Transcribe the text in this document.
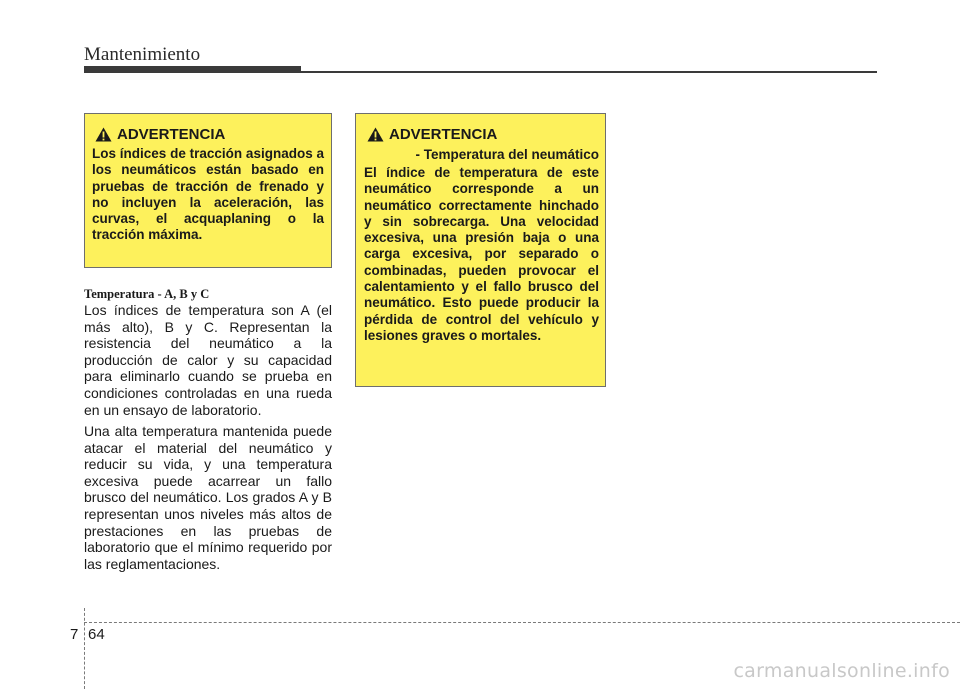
Mantenimiento
ADVERTENCIA

Los índices de tracción asignados a los neumáticos están basado en pruebas de tracción de frenado y no incluyen la aceleración, las curvas, el acquaplaning o la tracción máxima.

ADVERTENCIA

- Temperatura del neumático

El índice de temperatura de este neumático corresponde a un neumático correctamente hinchado y sin sobrecarga. Una velocidad excesiva, una presión baja o una carga excesiva, por separado o combinadas, pueden provocar el calentamiento y el fallo brusco del neumático. Esto puede producir la pérdida de control del vehículo y lesiones graves o mortales.

Temperatura - A, B y C

Los índices de temperatura son A (el más alto), B y C. Representan la resistencia del neumático a la producción de calor y su capacidad para eliminarlo cuando se prueba en condiciones controladas en una rueda en un ensayo de laboratorio.

Una alta temperatura mantenida puede atacar el material del neumático y reducir su vida, y una temperatura excesiva puede acarrear un fallo brusco del neumático. Los grados A y B representan unos niveles más altos de prestaciones en las pruebas de laboratorio que el mínimo requerido por las reglamentaciones.

7 64
carmanualsonline.info
